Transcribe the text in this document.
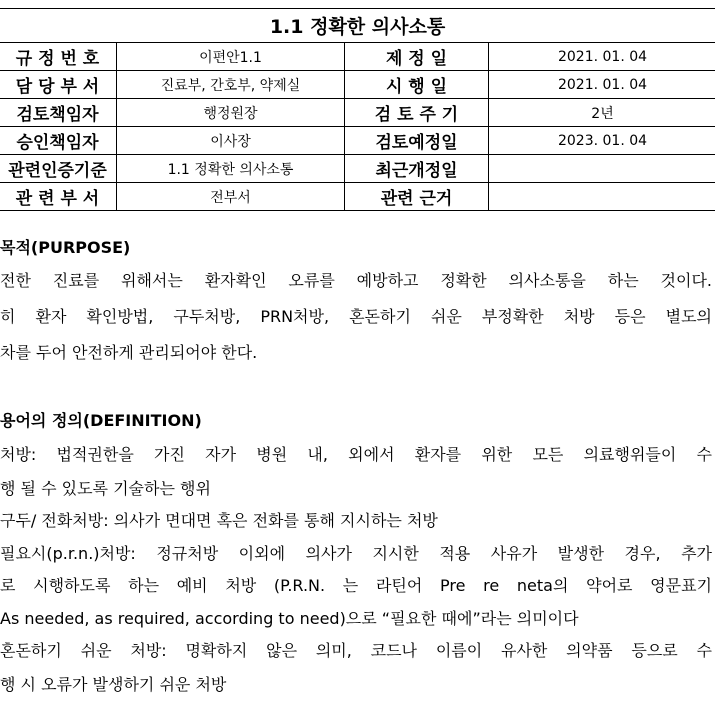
1.1 정확한 의사소통			
규 정 번 호	이편안1.1	제 정 일	2021. 01. 04
담 당 부 서	진료부, 간호부, 약제실	시 행 일	2021. 01. 04
검토책임자	행정원장	검 토 주 기	2년
승인책임자	이사장	검토예정일	2023. 01. 04
관련인증기준	1.1 정확한 의사소통	최근개정일	
관 련 부 서	전부서	관련 근거	
목적(PURPOSE)
전한 진료를 위해서는 환자확인 오류를 예방하고 정확한 의사소통을 하는 것이다.
히 환자 확인방법, 구두처방, PRN처방, 혼돈하기 쉬운 부정확한 처방 등은 별도의
차를 두어 안전하게 관리되어야 한다.
용어의 정의(DEFINITION)
처방: 법적권한을 가진 자가 병원 내, 외에서 환자를 위한 모든 의료행위들이 수
행 될 수 있도록 기술하는 행위
구두/ 전화처방: 의사가 면대면 혹은 전화를 통해 지시하는 처방
필요시(p.r.n.)처방: 정규처방 이외에 의사가 지시한 적용 사유가 발생한 경우, 추가
로 시행하도록 하는 예비 처방 (P.R.N. 는 라틴어 Pre re neta의 약어로 영문표기
As needed, as required, according to need)으로 “필요한 때에”라는 의미이다
혼돈하기 쉬운 처방: 명확하지 않은 의미, 코드나 이름이 유사한 의약품 등으로 수
행 시 오류가 발생하기 쉬운 처방
